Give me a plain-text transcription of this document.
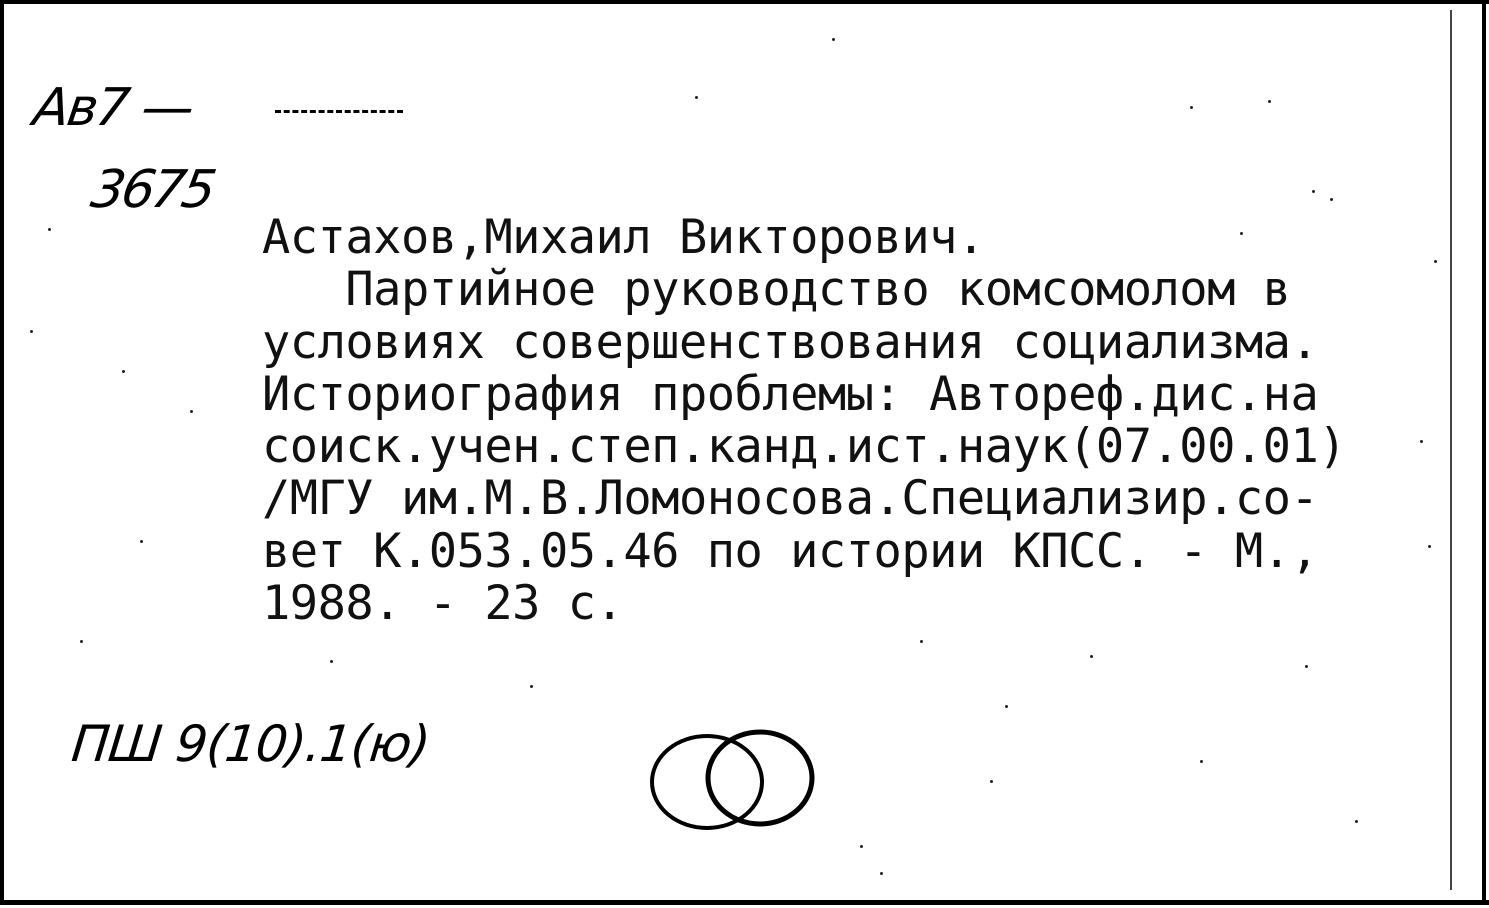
Ав7 —
3675
Астахов,Михаил Викторович.
Партийное руководство комсомолом в
условиях совершенствования социализма.
Историография проблемы: Автореф.дис.на
соиск.учен.степ.канд.ист.наук(07.00.01)
/МГУ им.М.В.Ломоносова.Специализир.со-
вет К.053.05.46 по истории КПСС. - М.,
1988. - 23 с.
ПШ 9(10).1(ю)
